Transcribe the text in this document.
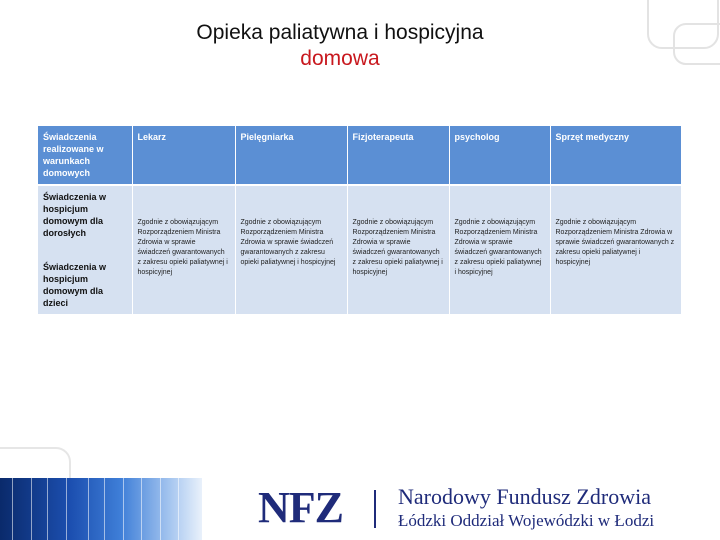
Opieka paliatywna i hospicyjna
domowa
Świadczenia realizowane w warunkach domowych	Lekarz	Pielęgniarka	Fizjoterapeuta	psycholog	Sprzęt medyczny

Świadczenia w hospicjum domowym dla dorosłych
Świadczenia w hospicjum domowym dla dzieci	Zgodnie z obowiązującym Rozporządzeniem Ministra Zdrowia w sprawie świadczeń gwarantowanych z zakresu opieki paliatywnej i hospicyjnej	Zgodnie z obowiązującym Rozporządzeniem Ministra Zdrowia w sprawie świadczeń gwarantowanych z zakresu opieki paliatywnej i hospicyjnej	Zgodnie z obowiązującym Rozporządzeniem Ministra Zdrowia w sprawie świadczeń gwarantowanych z zakresu opieki paliatywnej i hospicyjnej	Zgodnie z obowiązującym Rozporządzeniem Ministra Zdrowia w sprawie świadczeń gwarantowanych z zakresu opieki paliatywnej i hospicyjnej	Zgodnie z obowiązującym Rozporządzeniem Ministra Zdrowia w sprawie świadczeń gwarantowanych z zakresu opieki paliatywnej i hospicyjnej
NFZ	Narodowy Fundusz Zdrowia
Łódzki Oddział Wojewódzki w Łodzi
